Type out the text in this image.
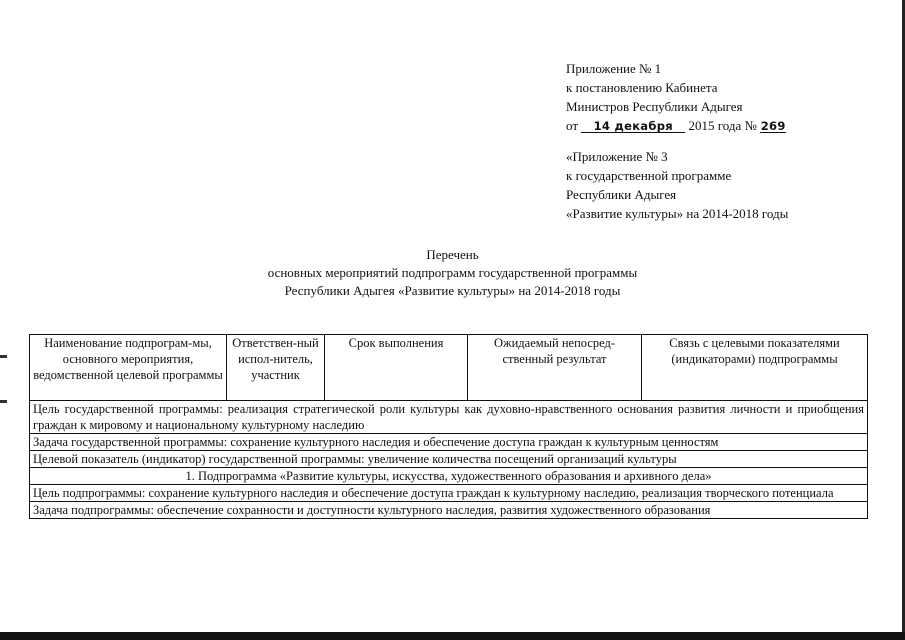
Приложение № 1
к постановлению Кабинета
Министров Республики Адыгея
от 14 декабря 2015 года № 269
«Приложение № 3
к государственной программе
Республики Адыгея
«Развитие культуры» на 2014-2018 годы
Перечень
основных мероприятий подпрограмм государственной программы
Республики Адыгея «Развитие культуры» на 2014-2018 годы
Наименование подпрограм-мы, основного мероприятия, ведомственной целевой программы	Ответствен-ный испол-нитель, участник	Срок выполнения	Ожидаемый непосред-ственный результат	Связь с целевыми показателями (индикаторами) подпрограммы
Цель государственной программы: реализация стратегической роли культуры как духовно-нравственного основания развития личности и приобщения граждан к мировому и национальному культурному наследию
Задача государственной программы: сохранение культурного наследия и обеспечение доступа граждан к культурным ценностям
Целевой показатель (индикатор) государственной программы: увеличение количества посещений организаций культуры
1. Подпрограмма «Развитие культуры, искусства, художественного образования и архивного дела»
Цель подпрограммы: сохранение культурного наследия и обеспечение доступа граждан к культурному наследию, реализация творческого потенциала
Задача подпрограммы: обеспечение сохранности и доступности культурного наследия, развития художественного образования
